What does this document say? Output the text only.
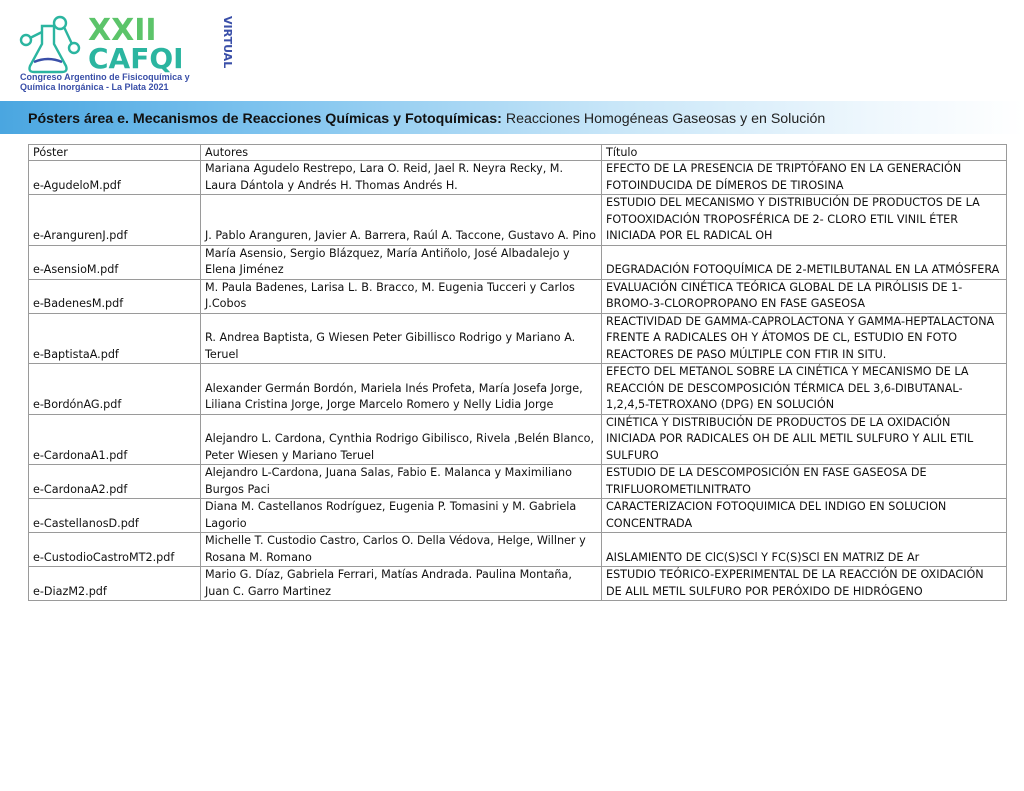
XXII
CAFQI	VIRTUAL
Congreso Argentino de Fisicoquímica y
Química Inorgánica - La Plata 2021
Pósters área e. Mecanismos de Reacciones Químicas y Fotoquímicas: Reacciones Homogéneas Gaseosas y en Solución
Póster	Autores	Título
e-AgudeloM.pdf	Mariana Agudelo Restrepo, Lara O. Reid, Jael R. Neyra Recky, M. Laura Dántola y Andrés H. Thomas Andrés H.	EFECTO DE LA PRESENCIA DE TRIPTÓFANO EN LA GENERACIÓN FOTOINDUCIDA DE DÍMEROS DE TIROSINA
e-ArangurenJ.pdf	J. Pablo Aranguren, Javier A. Barrera, Raúl A. Taccone, Gustavo A. Pino	ESTUDIO DEL MECANISMO Y DISTRIBUCIÓN DE PRODUCTOS DE LA FOTOOXIDACIÓN TROPOSFÉRICA DE 2- CLORO ETIL VINIL ÉTER INICIADA POR EL RADICAL OH
e-AsensioM.pdf	María Asensio, Sergio Blázquez, María Antiñolo, José Albadalejo y Elena Jiménez	DEGRADACIÓN FOTOQUÍMICA DE 2-METILBUTANAL EN LA ATMÓSFERA
e-BadenesM.pdf	M. Paula Badenes, Larisa L. B. Bracco, M. Eugenia Tucceri y Carlos J.Cobos	EVALUACIÓN CINÉTICA TEÓRICA GLOBAL DE LA PIRÓLISIS DE 1-BROMO-3-CLOROPROPANO EN FASE GASEOSA
e-BaptistaA.pdf	R. Andrea Baptista, G Wiesen Peter Gibillisco Rodrigo y Mariano A. Teruel	REACTIVIDAD DE GAMMA-CAPROLACTONA Y GAMMA-HEPTALACTONA FRENTE A RADICALES OH Y ÁTOMOS DE CL, ESTUDIO EN FOTO REACTORES DE PASO MÚLTIPLE CON FTIR IN SITU.
e-BordónAG.pdf	Alexander Germán Bordón, Mariela Inés Profeta, María Josefa Jorge, Liliana Cristina Jorge, Jorge Marcelo Romero y Nelly Lidia Jorge	EFECTO DEL METANOL SOBRE LA CINÉTICA Y MECANISMO DE LA REACCIÓN DE DESCOMPOSICIÓN TÉRMICA DEL 3,6-DIBUTANAL-1,2,4,5-TETROXANO (DPG) EN SOLUCIÓN
e-CardonaA1.pdf	Alejandro L. Cardona, Cynthia Rodrigo Gibilisco, Rivela ,Belén Blanco, Peter Wiesen y Mariano Teruel	CINÉTICA Y DISTRIBUCIÓN DE PRODUCTOS DE LA OXIDACIÓN INICIADA POR RADICALES OH DE ALIL METIL SULFURO Y ALIL ETIL SULFURO
e-CardonaA2.pdf	Alejandro L-Cardona, Juana Salas, Fabio E. Malanca y Maximiliano Burgos Paci	ESTUDIO DE LA DESCOMPOSICIÓN EN FASE GASEOSA DE TRIFLUOROMETILNITRATO
e-CastellanosD.pdf	Diana M. Castellanos Rodríguez, Eugenia P. Tomasini y M. Gabriela Lagorio	CARACTERIZACION FOTOQUIMICA DEL INDIGO EN SOLUCION CONCENTRADA
e-CustodioCastroMT2.pdf	Michelle T. Custodio Castro, Carlos O. Della Védova, Helge, Willner y Rosana M. Romano	AISLAMIENTO DE ClC(S)SCl Y FC(S)SCl EN MATRIZ DE Ar
e-DiazM2.pdf	Mario G. Díaz, Gabriela Ferrari, Matías Andrada. Paulina Montaña, Juan C. Garro Martinez	ESTUDIO TEÓRICO-EXPERIMENTAL DE LA REACCIÓN DE OXIDACIÓN DE ALIL METIL SULFURO POR PERÓXIDO DE HIDRÓGENO
